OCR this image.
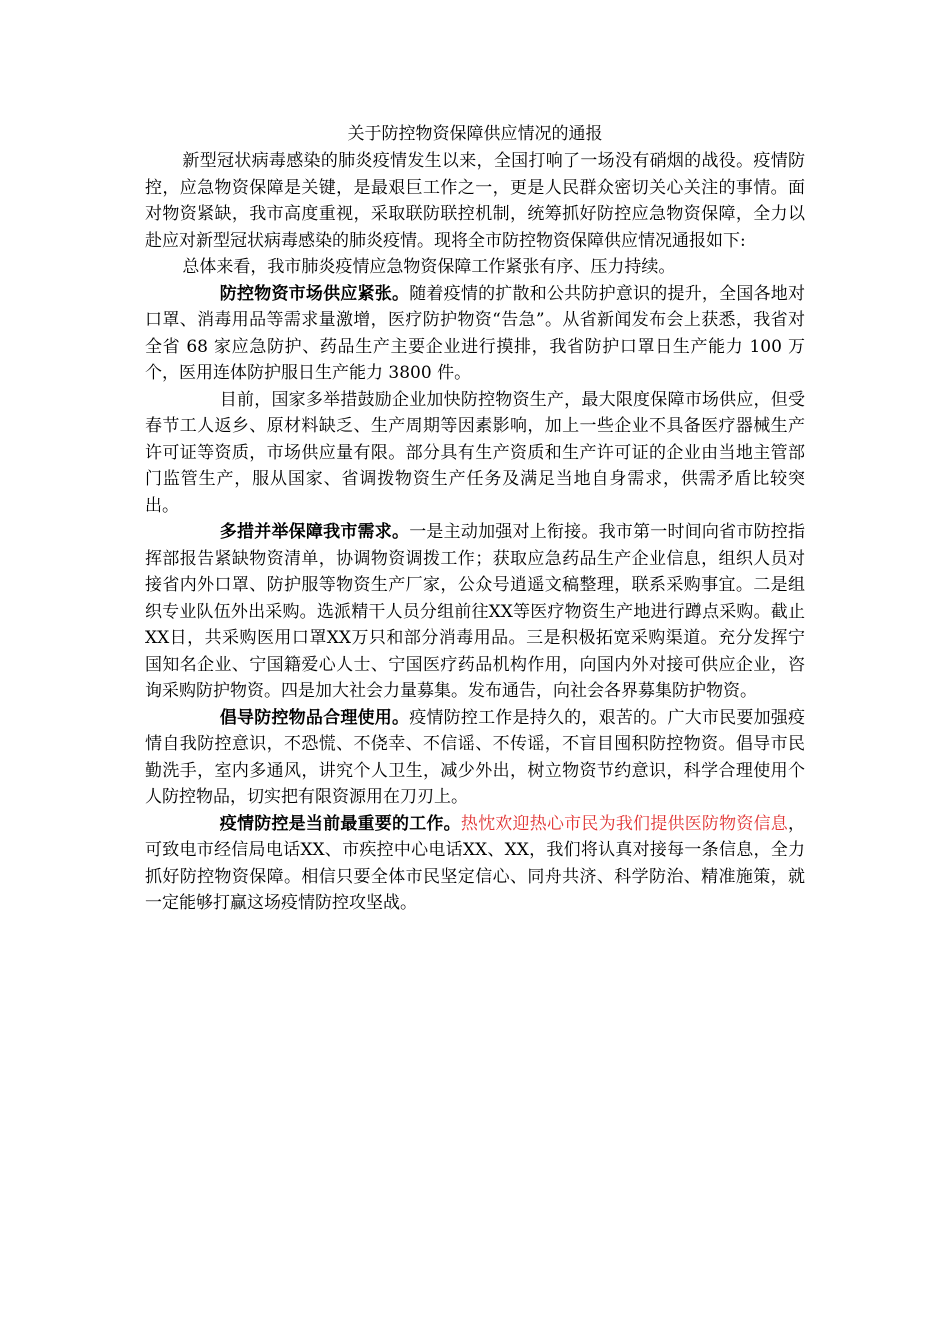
关于防控物资保障供应情况的通报

新型冠状病毒感染的肺炎疫情发生以来，全国打响了一场没有硝烟的战役。疫情防控，应急物资保障是关键，是最艰巨工作之一，更是人民群众密切关心关注的事情。面对物资紧缺，我市高度重视，采取联防联控机制，统筹抓好防控应急物资保障，全力以赴应对新型冠状病毒感染的肺炎疫情。现将全市防控物资保障供应情况通报如下:

总体来看，我市肺炎疫情应急物资保障工作紧张有序、压力持续。

防控物资市场供应紧张。随着疫情的扩散和公共防护意识的提升，全国各地对口罩、消毒用品等需求量激增，医疗防护物资“告急”。从省新闻发布会上获悉，我省对全省 68 家应急防护、药品生产主要企业进行摸排，我省防护口罩日生产能力 100 万个，医用连体防护服日生产能力 3800 件。

目前，国家多举措鼓励企业加快防控物资生产，最大限度保障市场供应，但受春节工人返乡、原材料缺乏、生产周期等因素影响，加上一些企业不具备医疗器械生产许可证等资质，市场供应量有限。部分具有生产资质和生产许可证的企业由当地主管部门监管生产，服从国家、省调拨物资生产任务及满足当地自身需求，供需矛盾比较突出。

多措并举保障我市需求。一是主动加强对上衔接。我市第一时间向省市防控指挥部报告紧缺物资清单，协调物资调拨工作；获取应急药品生产企业信息，组织人员对接省内外口罩、防护服等物资生产厂家，公众号逍遥文稿整理，联系采购事宜。二是组织专业队伍外出采购。选派精干人员分组前往XX等医疗物资生产地进行蹲点采购。截止XX日，共采购医用口罩XX万只和部分消毒用品。三是积极拓宽采购渠道。充分发挥宁国知名企业、宁国籍爱心人士、宁国医疗药品机构作用，向国内外对接可供应企业，咨询采购防护物资。四是加大社会力量募集。发布通告，向社会各界募集防护物资。

倡导防控物品合理使用。疫情防控工作是持久的，艰苦的。广大市民要加强疫情自我防控意识，不恐慌、不侥幸、不信谣、不传谣，不盲目囤积防控物资。倡导市民勤洗手，室内多通风，讲究个人卫生，减少外出，树立物资节约意识，科学合理使用个人防控物品，切实把有限资源用在刀刃上。

疫情防控是当前最重要的工作。热忱欢迎热心市民为我们提供医防物资信息，可致电市经信局电话XX、市疾控中心电话XX、XX，我们将认真对接每一条信息，全力抓好防控物资保障。相信只要全体市民坚定信心、同舟共济、科学防治、精准施策，就一定能够打赢这场疫情防控攻坚战。
